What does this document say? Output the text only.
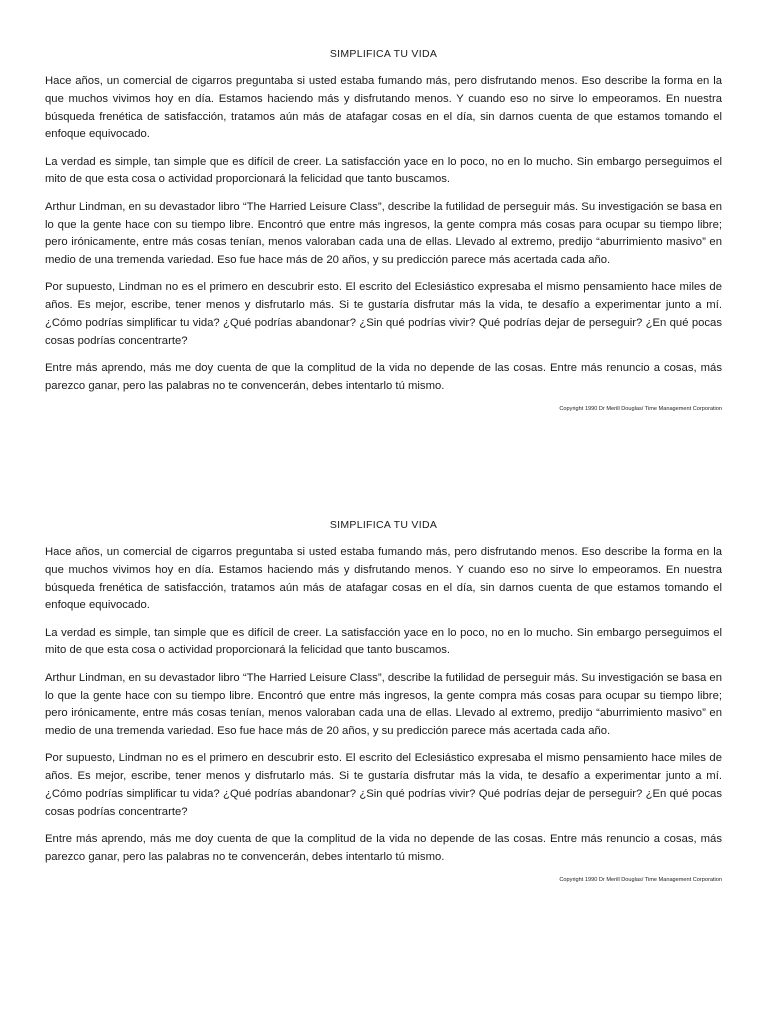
SIMPLIFICA TU VIDA

Hace años, un comercial de cigarros preguntaba si usted estaba fumando más, pero disfrutando menos. Eso describe la forma en la que muchos vivimos hoy en día. Estamos haciendo más y disfrutando menos. Y cuando eso no sirve lo empeoramos. En nuestra búsqueda frenética de satisfacción, tratamos aún más de atafagar cosas en el día, sin darnos cuenta de que estamos tomando el enfoque equivocado.

La verdad es simple, tan simple que es difícil de creer. La satisfacción yace en lo poco, no en lo mucho. Sin embargo perseguimos el mito de que esta cosa o actividad proporcionará la felicidad que tanto buscamos.

Arthur Lindman, en su devastador libro “The Harried Leisure Class”, describe la futilidad de perseguir más. Su investigación se basa en lo que la gente hace con su tiempo libre. Encontró que entre más ingresos, la gente compra más cosas para ocupar su tiempo libre; pero irónicamente, entre más cosas tenían, menos valoraban cada una de ellas. Llevado al extremo, predijo “aburrimiento masivo” en medio de una tremenda variedad. Eso fue hace más de 20 años, y su predicción parece más acertada cada año.

Por supuesto, Lindman no es el primero en descubrir esto. El escrito del Eclesiástico expresaba el mismo pensamiento hace miles de años. Es mejor, escribe, tener menos y disfrutarlo más. Si te gustaría disfrutar más la vida, te desafío a experimentar junto a mí. ¿Cómo podrías simplificar tu vida? ¿Qué podrías abandonar? ¿Sin qué podrías vivir? Qué podrías dejar de perseguir? ¿En qué pocas cosas podrías concentrarte?

Entre más aprendo, más me doy cuenta de que la complitud de la vida no depende de las cosas. Entre más renuncio a cosas, más parezco ganar, pero las palabras no te convencerán, debes intentarlo tú mismo.

Copyright 1990 Dr Merill Douglas/ Time Management Corporation

SIMPLIFICA TU VIDA

Hace años, un comercial de cigarros preguntaba si usted estaba fumando más, pero disfrutando menos. Eso describe la forma en la que muchos vivimos hoy en día. Estamos haciendo más y disfrutando menos. Y cuando eso no sirve lo empeoramos. En nuestra búsqueda frenética de satisfacción, tratamos aún más de atafagar cosas en el día, sin darnos cuenta de que estamos tomando el enfoque equivocado.

La verdad es simple, tan simple que es difícil de creer. La satisfacción yace en lo poco, no en lo mucho. Sin embargo perseguimos el mito de que esta cosa o actividad proporcionará la felicidad que tanto buscamos.

Arthur Lindman, en su devastador libro “The Harried Leisure Class”, describe la futilidad de perseguir más. Su investigación se basa en lo que la gente hace con su tiempo libre. Encontró que entre más ingresos, la gente compra más cosas para ocupar su tiempo libre; pero irónicamente, entre más cosas tenían, menos valoraban cada una de ellas. Llevado al extremo, predijo “aburrimiento masivo” en medio de una tremenda variedad. Eso fue hace más de 20 años, y su predicción parece más acertada cada año.

Por supuesto, Lindman no es el primero en descubrir esto. El escrito del Eclesiástico expresaba el mismo pensamiento hace miles de años. Es mejor, escribe, tener menos y disfrutarlo más. Si te gustaría disfrutar más la vida, te desafío a experimentar junto a mí. ¿Cómo podrías simplificar tu vida? ¿Qué podrías abandonar? ¿Sin qué podrías vivir? Qué podrías dejar de perseguir? ¿En qué pocas cosas podrías concentrarte?

Entre más aprendo, más me doy cuenta de que la complitud de la vida no depende de las cosas. Entre más renuncio a cosas, más parezco ganar, pero las palabras no te convencerán, debes intentarlo tú mismo.

Copyright 1990 Dr Merill Douglas/ Time Management Corporation
